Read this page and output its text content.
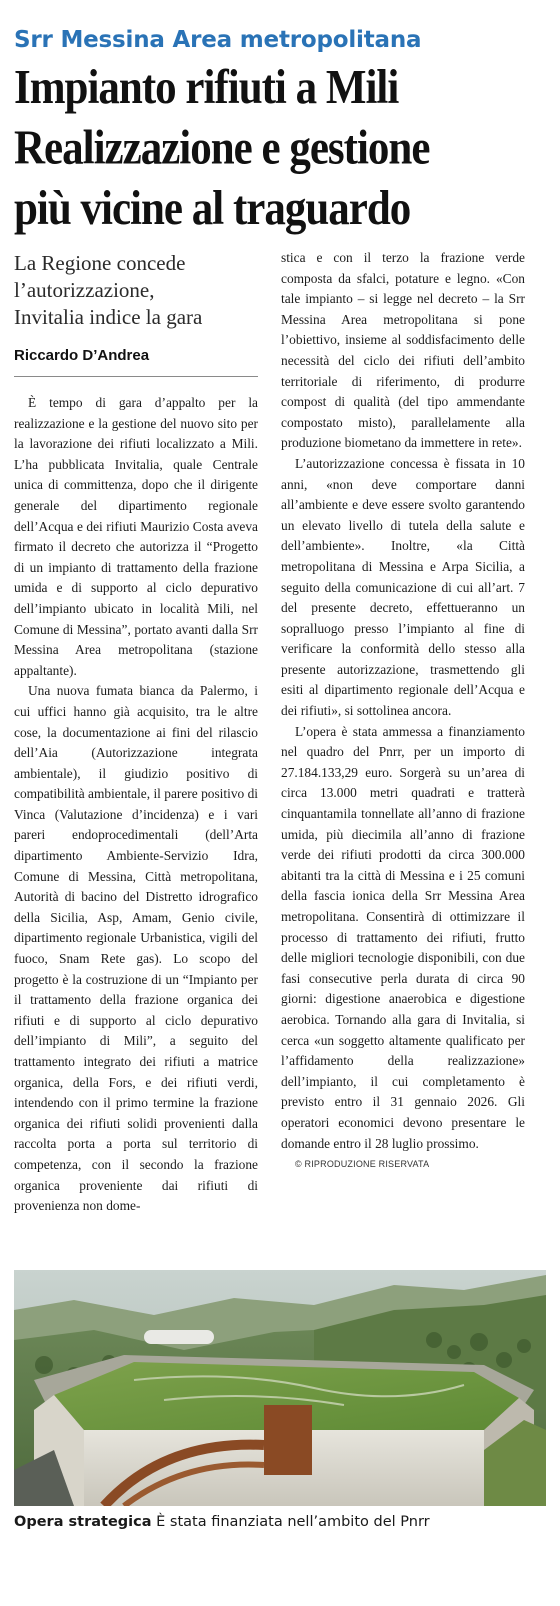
Srr Messina Area metropolitana
Impianto rifiuti a Mili
Realizzazione e gestione
più vicine al traguardo
La Regione concede
l’autorizzazione,
Invitalia indice la gara
Riccardo D’Andrea

È tempo di gara d’appalto per la realizzazione e la gestione del nuovo sito per la lavorazione dei rifiuti localizzato a Mili. L’ha pubblicata Invitalia, quale Centrale unica di committenza, dopo che il dirigente generale del dipartimento regionale dell’Acqua e dei rifiuti Maurizio Costa aveva firmato il decreto che autorizza il “Progetto di un impianto di trattamento della frazione umida e di supporto al ciclo depurativo dell’impianto ubicato in località Mili, nel Comune di Messina”, portato avanti dalla Srr Messina Area metropolitana (stazione appaltante).

Una nuova fumata bianca da Palermo, i cui uffici hanno già acquisito, tra le altre cose, la documentazione ai fini del rilascio dell’Aia (Autorizzazione integrata ambientale), il giudizio positivo di compatibilità ambientale, il parere positivo di Vinca (Valutazione d’incidenza) e i vari pareri endoprocedimentali (dell’Arta dipartimento Ambiente-Servizio Idra, Comune di Messina, Città metropolitana, Autorità di bacino del Distretto idrografico della Sicilia, Asp, Amam, Genio civile, dipartimento regionale Urbanistica, vigili del fuoco, Snam Rete gas). Lo scopo del progetto è la costruzione di un “Impianto per il trattamento della frazione organica dei rifiuti e di supporto al ciclo depurativo dell’impianto di Mili”, a seguito del trattamento integrato dei rifiuti a matrice organica, della Fors, e dei rifiuti verdi, intendendo con il primo termine la frazione organica dei rifiuti solidi provenienti dalla raccolta porta a porta sul territorio di competenza, con il secondo la frazione organica proveniente dai rifiuti di provenienza non dome-

stica e con il terzo la frazione verde composta da sfalci, potature e legno. «Con tale impianto – si legge nel decreto – la Srr Messina Area metropolitana si pone l’obiettivo, insieme al soddisfacimento delle necessità del ciclo dei rifiuti dell’ambito territoriale di riferimento, di produrre compost di qualità (del tipo ammendante compostato misto), parallelamente alla produzione biometano da immettere in rete».

L’autorizzazione concessa è fissata in 10 anni, «non deve comportare danni all’ambiente e deve essere svolto garantendo un elevato livello di tutela della salute e dell’ambiente». Inoltre, «la Città metropolitana di Messina e Arpa Sicilia, a seguito della comunicazione di cui all’art. 7 del presente decreto, effettueranno un sopralluogo presso l’impianto al fine di verificare la conformità dello stesso alla presente autorizzazione, trasmettendo gli esiti al dipartimento regionale dell’Acqua e dei rifiuti», si sottolinea ancora.

L’opera è stata ammessa a finanziamento nel quadro del Pnrr, per un importo di 27.184.133,29 euro. Sorgerà su un’area di circa 13.000 metri quadrati e tratterà cinquantamila tonnellate all’anno di frazione umida, più diecimila all’anno di frazione verde dei rifiuti prodotti da circa 300.000 abitanti tra la città di Messina e i 25 comuni della fascia ionica della Srr Messina Area metropolitana. Consentirà di ottimizzare il processo di trattamento dei rifiuti, frutto delle migliori tecnologie disponibili, con due fasi consecutive perla durata di circa 90 giorni: digestione anaerobica e digestione aerobica. Tornando alla gara di Invitalia, si cerca «un soggetto altamente qualificato per l’affidamento della realizzazione» dell’impianto, il cui completamento è previsto entro il 31 gennaio 2026. Gli operatori economici devono presentare le domande entro il 28 luglio prossimo.

© RIPRODUZIONE RISERVATA

Opera strategica È stata finanziata nell’ambito del Pnrr
